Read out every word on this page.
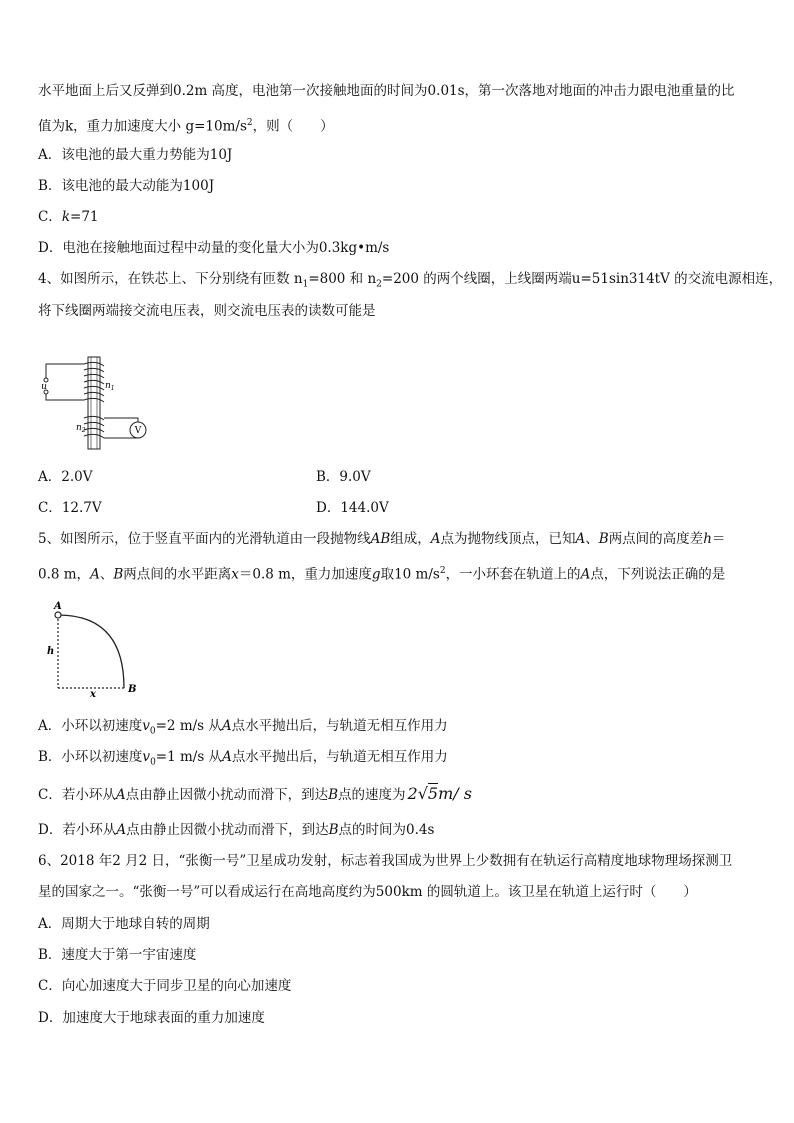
水平地面上后又反弹到0.2m 高度，电池第一次接触地面的时间为0.01s，第一次落地对地面的冲击力跟电池重量的比
值为k，重力加速度大小 $g=10m/s^2$，则（　　）
A．该电池的最大重力势能为10J
B．该电池的最大动能为100J
C．k=71
D．电池在接触地面过程中动量的变化量大小为0.3kg•m/s
4、如图所示，在铁芯上、下分别绕有匝数 $n_1=800$ 和 $n_2=200$ 的两个线圈，上线圈两端u=51sin314tV 的交流电源相连，
将下线圈两端接交流电压表，则交流电压表的读数可能是
u	$n_1$
$n_2$	V
A．2.0V	B．9.0V
C．12.7V	D．144.0V
5、如图所示，位于竖直平面内的光滑轨道由一段抛物线AB组成，A点为抛物线顶点，已知A、B两点间的高度差h＝
0.8 m，A、B两点间的水平距离x＝0.8 m，重力加速度g取10 $m/s^2$，一小环套在轨道上的A点，下列说法正确的是
A
B
h
x
A．小环以初速度$v_0=2$ m/s 从A点水平抛出后，与轨道无相互作用力
B．小环以初速度$v_0=1$ m/s 从A点水平抛出后，与轨道无相互作用力
C．若小环从A点由静止因微小扰动而滑下，到达B点的速度为 2√5m/ s
D．若小环从A点由静止因微小扰动而滑下，到达B点的时间为0.4s
6、2018 年2 月2 日，“张衡一号”卫星成功发射，标志着我国成为世界上少数拥有在轨运行高精度地球物理场探测卫
星的国家之一。“张衡一号”可以看成运行在高地高度约为500km 的圆轨道上。该卫星在轨道上运行时（　　）
A．周期大于地球自转的周期
B．速度大于第一宇宙速度
C．向心加速度大于同步卫星的向心加速度
D．加速度大于地球表面的重力加速度
